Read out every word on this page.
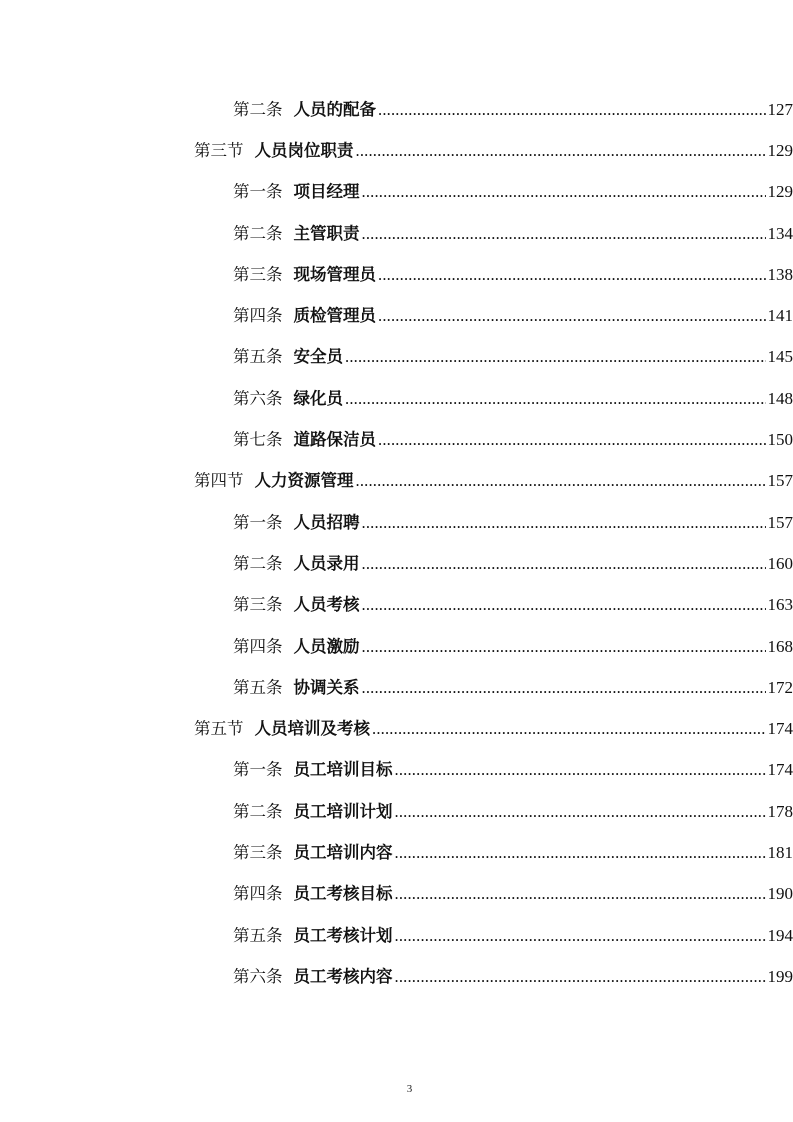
第二条 人员的配备 .....	127
第三节 人员岗位职责 .....	129
第一条 项目经理 .....	129
第二条 主管职责 .....	134
第三条 现场管理员 .....	138
第四条 质检管理员 .....	141
第五条 安全员 .....	145
第六条 绿化员 .....	148
第七条 道路保洁员 .....	150
第四节 人力资源管理 .....	157
第一条 人员招聘 .....	157
第二条 人员录用 .....	160
第三条 人员考核 .....	163
第四条 人员激励 .....	168
第五条 协调关系 .....	172
第五节 人员培训及考核 .....	174
第一条 员工培训目标 .....	174
第二条 员工培训计划 .....	178
第三条 员工培训内容 .....	181
第四条 员工考核目标 .....	190
第五条 员工考核计划 .....	194
第六条 员工考核内容 .....	199
3
